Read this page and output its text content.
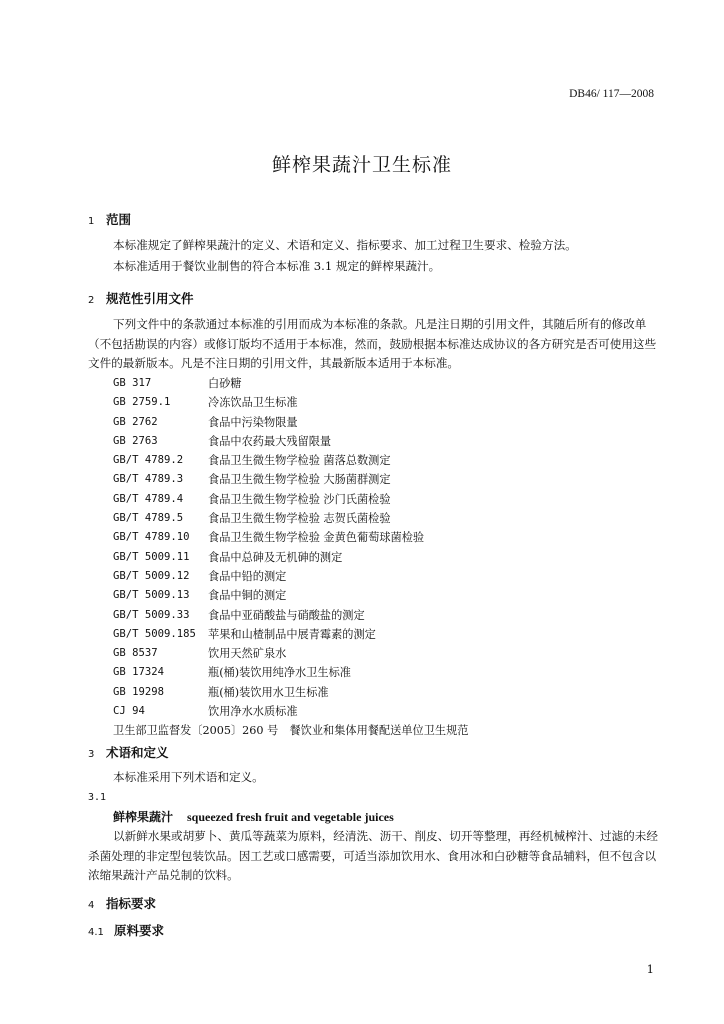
DB46/ 117—2008
鲜榨果蔬汁卫生标准
1 范围
本标准规定了鲜榨果蔬汁的定义、术语和定义、指标要求、加工过程卫生要求、检验方法。
本标准适用于餐饮业制售的符合本标准 3.1 规定的鲜榨果蔬汁。
2 规范性引用文件
下列文件中的条款通过本标准的引用而成为本标准的条款。凡是注日期的引用文件，其随后所有的修改单（不包括勘误的内容）或修订版均不适用于本标准，然而，鼓励根据本标准达成协议的各方研究是否可使用这些文件的最新版本。凡是不注日期的引用文件，其最新版本适用于本标准。
GB 317	白砂糖
GB 2759.1	冷冻饮品卫生标准
GB 2762	食品中污染物限量
GB 2763	食品中农药最大残留限量
GB/T 4789.2 食品卫生微生物学检验 菌落总数测定
GB/T 4789.3 食品卫生微生物学检验 大肠菌群测定
GB/T 4789.4 食品卫生微生物学检验 沙门氏菌检验
GB/T 4789.5 食品卫生微生物学检验 志贺氏菌检验
GB/T 4789.10 食品卫生微生物学检验 金黄色葡萄球菌检验
GB/T 5009.11 食品中总砷及无机砷的测定
GB/T 5009.12 食品中铅的测定
GB/T 5009.13 食品中铜的测定
GB/T 5009.33 食品中亚硝酸盐与硝酸盐的测定
GB/T 5009.185 苹果和山楂制品中展青霉素的测定
GB 8537	饮用天然矿泉水
GB 17324	瓶(桶)装饮用纯净水卫生标准
GB 19298	瓶(桶)装饮用水卫生标准
CJ 94	饮用净水水质标准
卫生部卫监督发〔2005〕260 号　餐饮业和集体用餐配送单位卫生规范
3 术语和定义
本标准采用下列术语和定义。
3.1
鲜榨果蔬汁 squeezed fresh fruit and vegetable juices
以新鲜水果或胡萝卜、黄瓜等蔬菜为原料，经清洗、沥干、削皮、切开等整理，再经机械榨汁、过滤的未经杀菌处理的非定型包装饮品。因工艺或口感需要，可适当添加饮用水、食用冰和白砂糖等食品辅料，但不包含以浓缩果蔬汁产品兑制的饮料。
4 指标要求
4.1 原料要求
1
